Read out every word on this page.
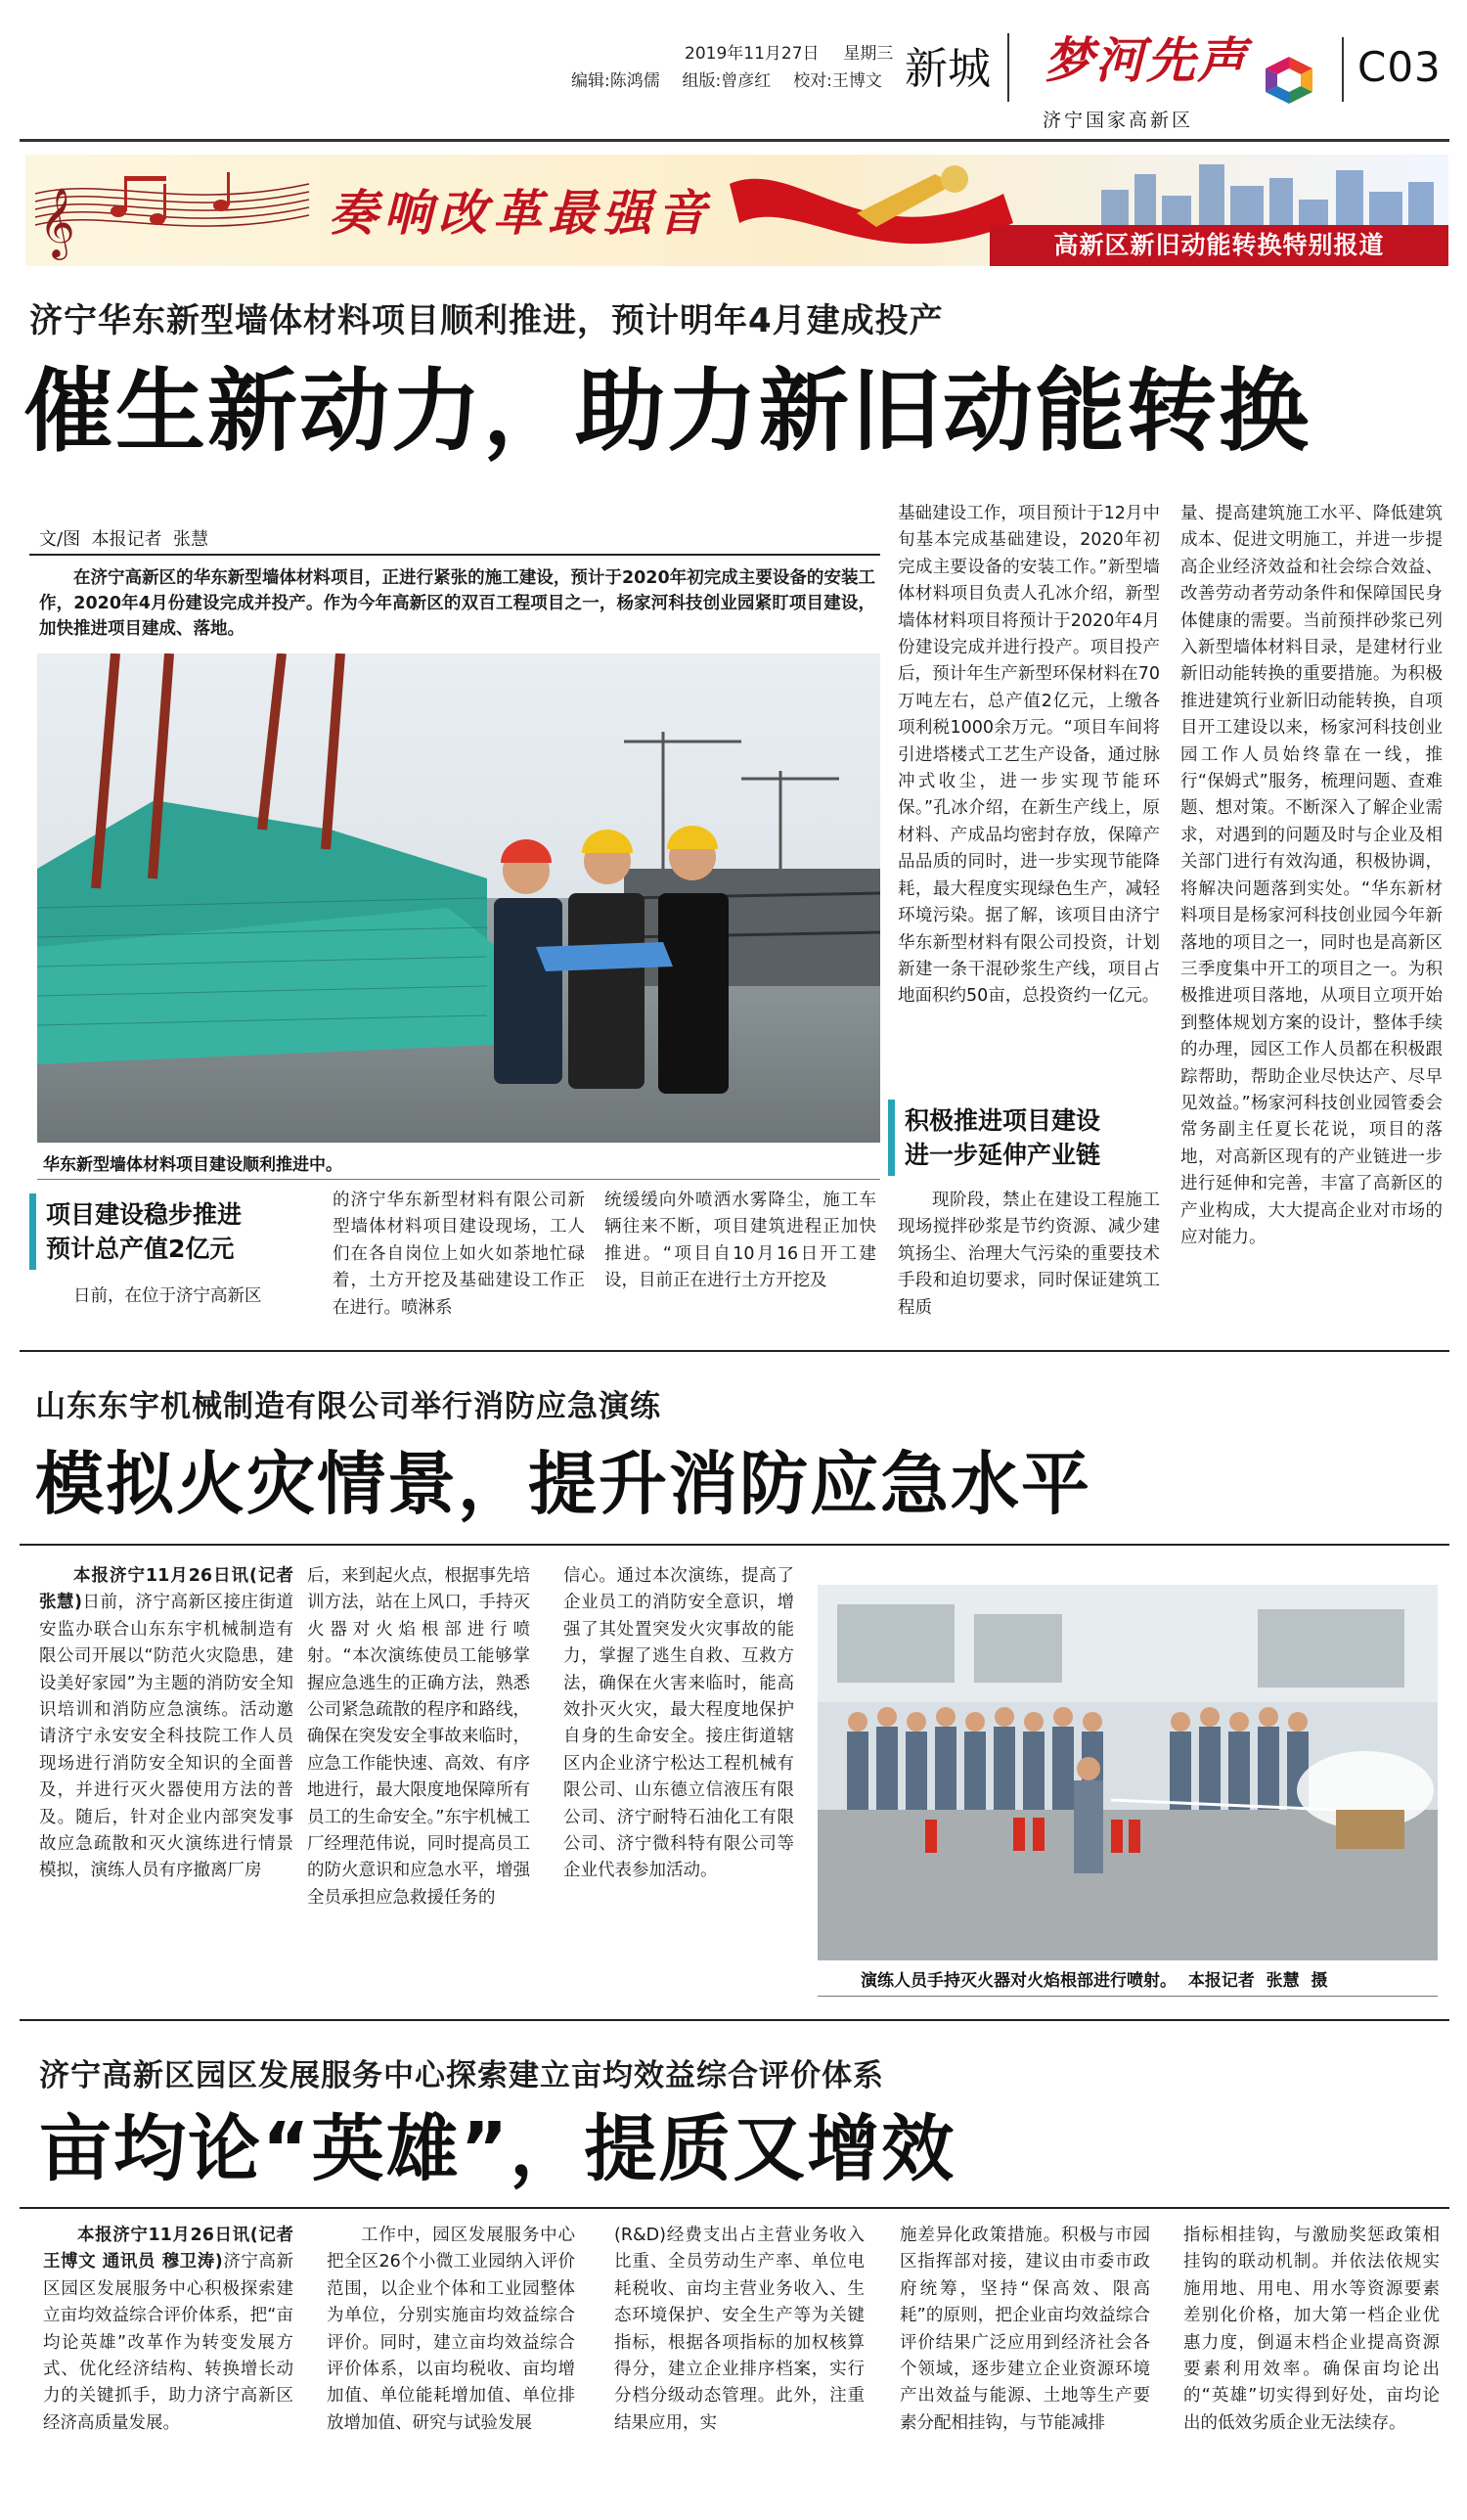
2019年11月27日 星期三
编辑:陈鸿儒 组版:曾彦红 校对:王博文 新城 梦河先声
济宁国家高新区
C03
𝄞	奏响改革最强音
高新区新旧动能转换特别报道
济宁华东新型墙体材料项目顺利推进，预计明年4月建成投产
催生新动力，助力新旧动能转换
文/图  本报记者  张慧

在济宁高新区的华东新型墙体材料项目，正进行紧张的施工建设，预计于2020年初完成主要设备的安装工作，2020年4月份建设完成并投产。作为今年高新区的双百工程项目之一，杨家河科技创业园紧盯项目建设，加快推进项目建成、落地。

华东新型墙体材料项目建设顺利推进中。
项目建设稳步推进
预计总产值2亿元

日前，在位于济宁高新区

的济宁华东新型材料有限公司新型墙体材料项目建设现场，工人们在各自岗位上如火如荼地忙碌着，土方开挖及基础建设工作正在进行。喷淋系

统缓缓向外喷洒水雾降尘，施工车辆往来不断，项目建筑进程正加快推进。“项目自10月16日开工建设，目前正在进行土方开挖及

基础建设工作，项目预计于12月中旬基本完成基础建设，2020年初完成主要设备的安装工作。”新型墙体材料项目负责人孔冰介绍，新型墙体材料项目将预计于2020年4月份建设完成并进行投产。项目投产后，预计年生产新型环保材料在70万吨左右，总产值2亿元，上缴各项利税1000余万元。“项目车间将引进塔楼式工艺生产设备，通过脉冲式收尘，进一步实现节能环保。”孔冰介绍，在新生产线上，原材料、产成品均密封存放，保障产品品质的同时，进一步实现节能降耗，最大程度实现绿色生产，减轻环境污染。据了解，该项目由济宁华东新型材料有限公司投资，计划新建一条干混砂浆生产线，项目占地面积约50亩，总投资约一亿元。

积极推进项目建设
进一步延伸产业链

现阶段，禁止在建设工程施工现场搅拌砂浆是节约资源、减少建筑扬尘、治理大气污染的重要技术手段和迫切要求，同时保证建筑工程质

量、提高建筑施工水平、降低建筑成本、促进文明施工，并进一步提高企业经济效益和社会综合效益、改善劳动者劳动条件和保障国民身体健康的需要。当前预拌砂浆已列入新型墙体材料目录，是建材行业新旧动能转换的重要措施。为积极推进建筑行业新旧动能转换，自项目开工建设以来，杨家河科技创业园工作人员始终靠在一线，推行“保姆式”服务，梳理问题、查难题、想对策。不断深入了解企业需求，对遇到的问题及时与企业及相关部门进行有效沟通，积极协调，将解决问题落到实处。“华东新材料项目是杨家河科技创业园今年新落地的项目之一，同时也是高新区三季度集中开工的项目之一。为积极推进项目落地，从项目立项开始到整体规划方案的设计，整体手续的办理，园区工作人员都在积极跟踪帮助，帮助企业尽快达产、尽早见效益。”杨家河科技创业园管委会常务副主任夏长花说，项目的落地，对高新区现有的产业链进一步进行延伸和完善，丰富了高新区的产业构成，大大提高企业对市场的应对能力。

山东东宇机械制造有限公司举行消防应急演练
模拟火灾情景，提升消防应急水平

本报济宁11月26日讯(记者 张慧)日前，济宁高新区接庄街道安监办联合山东东宇机械制造有限公司开展以“防范火灾隐患，建设美好家园”为主题的消防安全知识培训和消防应急演练。活动邀请济宁永安安全科技院工作人员现场进行消防安全知识的全面普及，并进行灭火器使用方法的普及。随后，针对企业内部突发事故应急疏散和灭火演练进行情景模拟，演练人员有序撤离厂房

后，来到起火点，根据事先培训方法，站在上风口，手持灭火器对火焰根部进行喷射。“本次演练使员工能够掌握应急逃生的正确方法，熟悉公司紧急疏散的程序和路线，确保在突发安全事故来临时，应急工作能快速、高效、有序地进行，最大限度地保障所有员工的生命安全。”东宇机械工厂经理范伟说，同时提高员工的防火意识和应急水平，增强全员承担应急救援任务的

信心。通过本次演练，提高了企业员工的消防安全意识，增强了其处置突发火灾事故的能力，掌握了逃生自救、互救方法，确保在火害来临时，能高效扑灭火灾，最大程度地保护自身的生命安全。接庄街道辖区内企业济宁松达工程机械有限公司、山东德立信液压有限公司、济宁耐特石油化工有限公司、济宁微科特有限公司等企业代表参加活动。

演练人员手持灭火器对火焰根部进行喷射。  本报记者  张慧  摄
济宁高新区园区发展服务中心探索建立亩均效益综合评价体系
亩均论“英雄”，提质又增效

本报济宁11月26日讯(记者 王博文 通讯员 穆卫涛)济宁高新区园区发展服务中心积极探索建立亩均效益综合评价体系，把“亩均论英雄”改革作为转变发展方式、优化经济结构、转换增长动力的关键抓手，助力济宁高新区经济高质量发展。

工作中，园区发展服务中心把全区26个小微工业园纳入评价范围，以企业个体和工业园整体为单位，分别实施亩均效益综合评价。同时，建立亩均效益综合评价体系，以亩均税收、亩均增加值、单位能耗增加值、单位排放增加值、研究与试验发展

(R&D)经费支出占主营业务收入比重、全员劳动生产率、单位电耗税收、亩均主营业务收入、生态环境保护、安全生产等为关键指标，根据各项指标的加权核算得分，建立企业排序档案，实行分档分级动态管理。此外，注重结果应用，实

施差异化政策措施。积极与市园区指挥部对接，建议由市委市政府统筹，坚持“保高效、限高耗”的原则，把企业亩均效益综合评价结果广泛应用到经济社会各个领域，逐步建立企业资源环境产出效益与能源、土地等生产要素分配相挂钩，与节能减排

指标相挂钩，与激励奖惩政策相挂钩的联动机制。并依法依规实施用地、用电、用水等资源要素差别化价格，加大第一档企业优惠力度，倒逼末档企业提高资源要素利用效率。确保亩均论出的“英雄”切实得到好处，亩均论出的低效劣质企业无法续存。
